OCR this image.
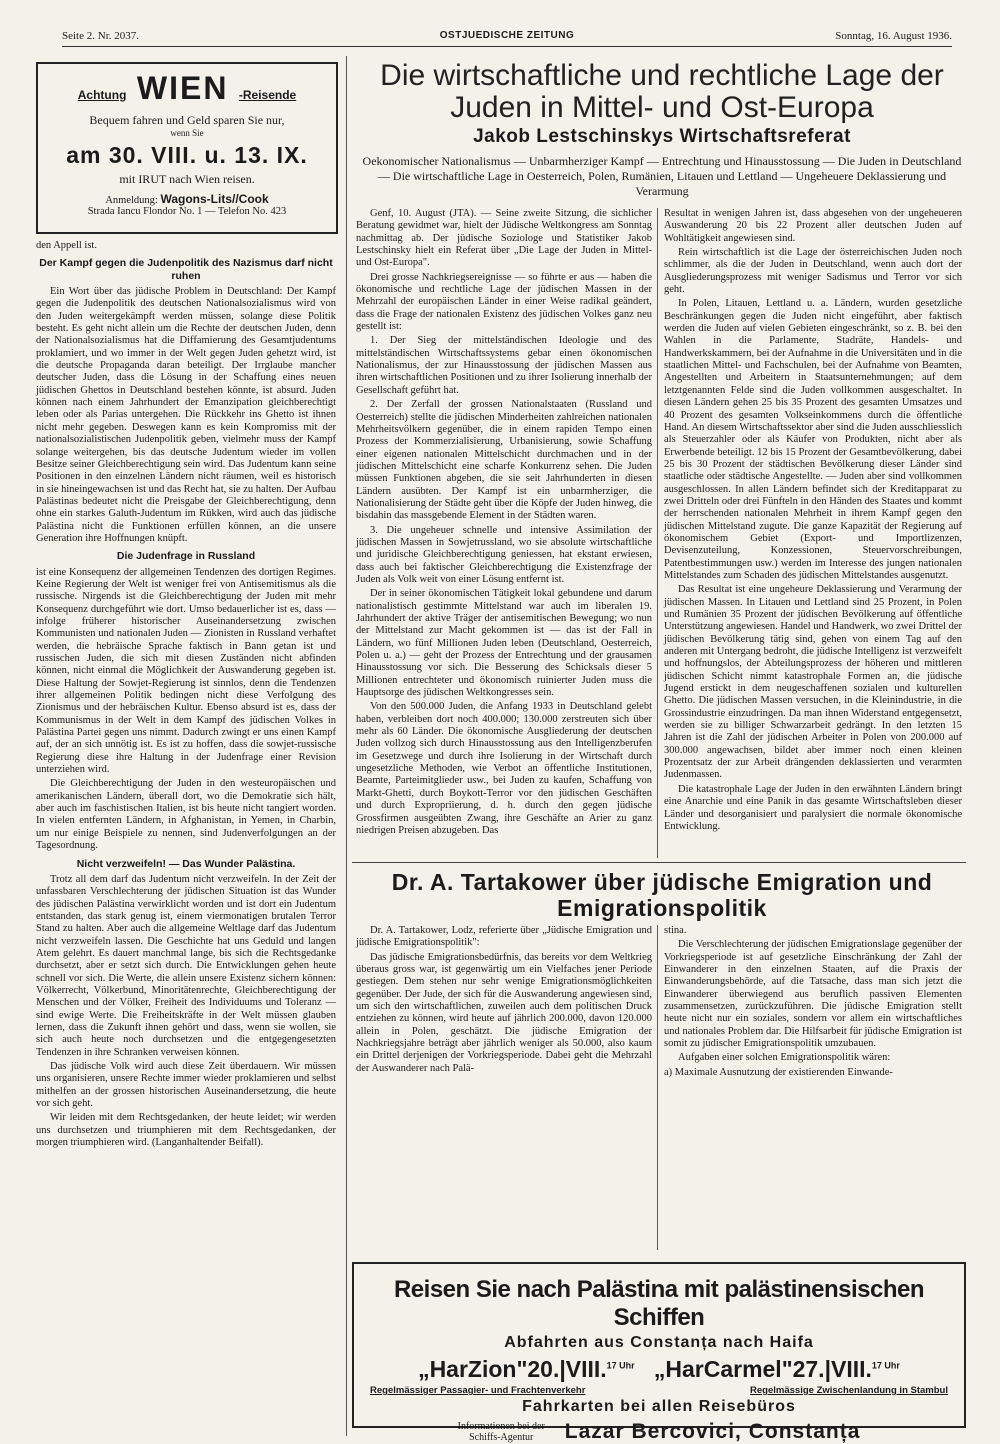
Seite 2. Nr. 2037.	OSTJUEDISCHE ZEITUNG	Sonntag, 16. August 1936.
Achtung WIEN -Reisende
Bequem fahren und Geld sparen Sie nur,
wenn Sie
am 30. VIII. u. 13. IX.
mit IRUT nach Wien reisen.
Anmeldung: Wagons-Lits//Cook
Strada Iancu Flondor No. 1 — Telefon No. 423

den Appell ist.

Der Kampf gegen die Judenpolitik des Nazismus darf nicht ruhen

Ein Wort über das jüdische Problem in Deutschland: Der Kampf gegen die Judenpolitik des deutschen Nationalsozialismus wird von den Juden weitergekämpft werden müssen, solange diese Politik besteht. Es geht nicht allein um die Rechte der deutschen Juden, denn der Nationalsozialismus hat die Diffamierung des Gesamtjudentums proklamiert, und wo immer in der Welt gegen Juden gehetzt wird, ist die deutsche Propaganda daran beteiligt. Der Irrglaube mancher deutscher Juden, dass die Lösung in der Schaffung eines neuen jüdischen Ghettos in Deutschland bestehen könnte, ist absurd. Juden können nach einem Jahrhundert der Emanzipation gleichberechtigt leben oder als Parias untergehen. Die Rückkehr ins Ghetto ist ihnen nicht mehr gegeben. Deswegen kann es kein Kompromiss mit der nationalsozialistischen Judenpolitik geben, vielmehr muss der Kampf solange weitergehen, bis das deutsche Judentum wieder im vollen Besitze seiner Gleichberechtigung sein wird. Das Judentum kann seine Positionen in den einzelnen Ländern nicht räumen, weil es historisch in sie hineingewachsen ist und das Recht hat, sie zu halten. Der Aufbau Palästinas bedeutet nicht die Preisgabe der Gleichberechtigung, denn ohne ein starkes Galuth-Judentum im Rükken, wird auch das jüdische Palästina nicht die Funktionen erfüllen können, an die unsere Generation ihre Hoffnungen knüpft.

Die Judenfrage in Russland

ist eine Konsequenz der allgemeinen Tendenzen des dortigen Regimes. Keine Regierung der Welt ist weniger frei von Antisemitismus als die russische. Nirgends ist die Gleichberechtigung der Juden mit mehr Konsequenz durchgeführt wie dort. Umso bedauerlicher ist es, dass — infolge früherer historischer Auseinandersetzung zwischen Kommunisten und nationalen Juden — Zionisten in Russland verhaftet werden, die hebräische Sprache faktisch in Bann getan ist und russischen Juden, die sich mit diesen Zuständen nicht abfinden können, nicht einmal die Möglichkeit der Auswanderung gegeben ist. Diese Haltung der Sowjet-Regierung ist sinnlos, denn die Tendenzen ihrer allgemeinen Politik bedingen nicht diese Verfolgung des Zionismus und der hebräischen Kultur. Ebenso absurd ist es, dass der Kommunismus in der Welt in dem Kampf des jüdischen Volkes in Palästina Partei gegen uns nimmt. Dadurch zwingt er uns einen Kampf auf, der an sich unnötig ist. Es ist zu hoffen, dass die sowjet-russische Regierung diese ihre Haltung in der Judenfrage einer Revision unterziehen wird.

Die Gleichberechtigung der Juden in den westeuropäischen und amerikanischen Ländern, überall dort, wo die Demokratie sich hält, aber auch im faschistischen Italien, ist bis heute nicht tangiert worden. In vielen entfernten Ländern, in Afghanistan, in Yemen, in Charbin, um nur einige Beispiele zu nennen, sind Judenverfolgungen an der Tagesordnung.

Nicht verzweifeln! — Das Wunder Palästina.

Trotz all dem darf das Judentum nicht verzweifeln. In der Zeit der unfassbaren Verschlechterung der jüdischen Situation ist das Wunder des jüdischen Palästina verwirklicht worden und ist dort ein Judentum entstanden, das stark genug ist, einem viermonatigen brutalen Terror Stand zu halten. Aber auch die allgemeine Weltlage darf das Judentum nicht verzweifeln lassen. Die Geschichte hat uns Geduld und langen Atem gelehrt. Es dauert manchmal lange, bis sich die Rechtsgedanke durchsetzt, aber er setzt sich durch. Die Entwicklungen gehen heute schnell vor sich. Die Werte, die allein unsere Existenz sichern können: Völkerrecht, Völkerbund, Minoritätenrechte, Gleichberechtigung der Menschen und der Völker, Freiheit des Individuums und Toleranz — sind ewige Werte. Die Freiheitskräfte in der Welt müssen glauben lernen, dass die Zukunft ihnen gehört und dass, wenn sie wollen, sie sich auch heute noch durchsetzen und die entgegengesetzten Tendenzen in ihre Schranken verweisen können.

Das jüdische Volk wird auch diese Zeit überdauern. Wir müssen uns organisieren, unsere Rechte immer wieder proklamieren und selbst mithelfen an der grossen historischen Auseinandersetzung, die heute vor sich geht.

Wir leiden mit dem Rechtsgedanken, der heute leidet; wir werden uns durchsetzen und triumphieren mit dem Rechtsgedanken, der morgen triumphieren wird. (Langanhaltender Beifall).

Die wirtschaftliche und rechtliche Lage der Juden in Mittel- und Ost-Europa
Jakob Lestschinskys Wirtschaftsreferat
Oekonomischer Nationalismus — Unbarmherziger Kampf — Entrechtung und Hinausstossung — Die Juden in Deutschland — Die wirtschaftliche Lage in Oesterreich, Polen, Rumänien, Litauen und Lettland — Ungeheuere Deklassierung und Verarmung

Genf, 10. August (JTA). — Seine zweite Sitzung, die sichlicher Beratung gewidmet war, hielt der Jüdische Weltkongress am Sonntag nachmittag ab. Der jüdische Soziologe und Statistiker Jakob Lestschinsky hielt ein Referat über „Die Lage der Juden in Mittel- und Ost-Europa".

Drei grosse Nachkriegsereignisse — so führte er aus — haben die ökonomische und rechtliche Lage der jüdischen Massen in der Mehrzahl der europäischen Länder in einer Weise radikal geändert, dass die Frage der nationalen Existenz des jüdischen Volkes ganz neu gestellt ist:

1. Der Sieg der mittelständischen Ideologie und des mittelständischen Wirtschaftssystems gebar einen ökonomischen Nationalismus, der zur Hinausstossung der jüdischen Massen aus ihren wirtschaftlichen Positionen und zu ihrer Isolierung innerhalb der Gesellschaft geführt hat.

2. Der Zerfall der grossen Nationalstaaten (Russland und Oesterreich) stellte die jüdischen Minderheiten zahlreichen nationalen Mehrheitsvölkern gegenüber, die in einem rapiden Tempo einen Prozess der Kommerzialisierung, Urbanisierung, sowie Schaffung einer eigenen nationalen Mittelschicht durchmachen und in der jüdischen Mittelschicht eine scharfe Konkurrenz sehen. Die Juden müssen Funktionen abgeben, die sie seit Jahrhunderten in diesen Ländern ausübten. Der Kampf ist ein unbarmherziger, die Nationalisierung der Städte geht über die Köpfe der Juden hinweg, die bisdahin das massgebende Element in der Städten waren.

3. Die ungeheuer schnelle und intensive Assimilation der jüdischen Massen in Sowjetrussland, wo sie absolute wirtschaftliche und juridische Gleichberechtigung geniessen, hat ekstant erwiesen, dass auch bei faktischer Gleichberechtigung die Existenzfrage der Juden als Volk weit von einer Lösung entfernt ist.

Der in seiner ökonomischen Tätigkeit lokal gebundene und darum nationalistisch gestimmte Mittelstand war auch im liberalen 19. Jahrhundert der aktive Träger der antisemitischen Bewegung; wo nun der Mittelstand zur Macht gekommen ist — das ist der Fall in Ländern, wo fünf Millionen Juden leben (Deutschland, Oesterreich, Polen u. a.) — geht der Prozess der Entrechtung und der grausamen Hinausstossung vor sich. Die Besserung des Schicksals dieser 5 Millionen entrechteter und ökonomisch ruinierter Juden muss die Hauptsorge des jüdischen Weltkongresses sein.

Von den 500.000 Juden, die Anfang 1933 in Deutschland gelebt haben, verbleiben dort noch 400.000; 130.000 zerstreuten sich über mehr als 60 Länder. Die ökonomische Ausgliederung der deutschen Juden vollzog sich durch Hinausstossung aus den Intelligenzberufen im Gesetzwege und durch ihre Isolierung in der Wirtschaft durch ungesetzliche Methoden, wie Verbot an öffentliche Institutionen, Beamte, Parteimitglieder usw., bei Juden zu kaufen, Schaffung von Markt-Ghetti, durch Boykott-Terror vor den jüdischen Geschäften und durch Expropriierung, d. h. durch den gegen jüdische Grossfirmen ausgeübten Zwang, ihre Geschäfte an Arier zu ganz niedrigen Preisen abzugeben. Das

Resultat in wenigen Jahren ist, dass abgesehen von der ungeheueren Auswanderung 20 bis 22 Prozent aller deutschen Juden auf Wohltätigkeit angewiesen sind.

Rein wirtschaftlich ist die Lage der österreichischen Juden noch schlimmer, als die der Juden in Deutschland, wenn auch dort der Ausgliederungsprozess mit weniger Sadismus und Terror vor sich geht.

In Polen, Litauen, Lettland u. a. Ländern, wurden gesetzliche Beschränkungen gegen die Juden nicht eingeführt, aber faktisch werden die Juden auf vielen Gebieten eingeschränkt, so z. B. bei den Wahlen in die Parlamente, Stadräte, Handels- und Handwerkskammern, bei der Aufnahme in die Universitäten und in die staatlichen Mittel- und Fachschulen, bei der Aufnahme von Beamten, Angestellten und Arbeitern in Staatsunternehmungen; auf dem letztgenannten Felde sind die Juden vollkommen ausgeschaltet. In diesen Ländern gehen 25 bis 35 Prozent des gesamten Umsatzes und 40 Prozent des gesamten Volkseinkommens durch die öffentliche Hand. An diesem Wirtschaftssektor aber sind die Juden ausschliesslich als Steuerzahler oder als Käufer von Produkten, nicht aber als Erwerbende beteiligt. 12 bis 15 Prozent der Gesamtbevölkerung, dabei 25 bis 30 Prozent der städtischen Bevölkerung dieser Länder sind staatliche oder städtische Angestellte. — Juden aber sind vollkommen ausgeschlossen. In allen Ländern befindet sich der Kreditapparat zu zwei Dritteln oder drei Fünfteln in den Händen des Staates und kommt der herrschenden nationalen Mehrheit in ihrem Kampf gegen den jüdischen Mittelstand zugute. Die ganze Kapazität der Regierung auf ökonomischem Gebiet (Export- und Importlizenzen, Devisenzuteilung, Konzessionen, Steuervorschreibungen, Patentbestimmungen usw.) werden im Interesse des jungen nationalen Mittelstandes zum Schaden des jüdischen Mittelstandes ausgenutzt.

Das Resultat ist eine ungeheure Deklassierung und Verarmung der jüdischen Massen. In Litauen und Lettland sind 25 Prozent, in Polen und Rumänien 35 Prozent der jüdischen Bevölkerung auf öffentliche Unterstützung angewiesen. Handel und Handwerk, wo zwei Drittel der jüdischen Bevölkerung tätig sind, gehen von einem Tag auf den anderen mit Untergang bedroht, die jüdische Intelligenz ist verzweifelt und hoffnungslos, der Abteilungsprozess der höheren und mittleren jüdischen Schicht nimmt katastrophale Formen an, die jüdische Jugend erstickt in dem neugeschaffenen sozialen und kulturellen Ghetto. Die jüdischen Massen versuchen, in die Kleinindustrie, in die Grossindustrie einzudringen. Da man ihnen Widerstand entgegensetzt, werden sie zu billiger Schwarzarbeit gedrängt. In den letzten 15 Jahren ist die Zahl der jüdischen Arbeiter in Polen von 200.000 auf 300.000 angewachsen, bildet aber immer noch einen kleinen Prozentsatz der zur Arbeit drängenden deklassierten und verarmten Judenmassen.

Die katastrophale Lage der Juden in den erwähnten Ländern bringt eine Anarchie und eine Panik in das gesamte Wirtschaftsleben dieser Länder und desorganisiert und paralysiert die normale ökonomische Entwicklung.

Dr. A. Tartakower über jüdische Emigration und Emigrationspolitik

Dr. A. Tartakower, Lodz, referierte über „Jüdische Emigration und jüdische Emigrationspolitik":

Das jüdische Emigrationsbedürfnis, das bereits vor dem Weltkrieg überaus gross war, ist gegenwärtig um ein Vielfaches jener Periode gestiegen. Dem stehen nur sehr wenige Emigrationsmöglichkeiten gegenüber. Der Jude, der sich für die Auswanderung angewiesen sind, um sich den wirtschaftlichen, zuweilen auch dem politischen Druck entziehen zu können, wird heute auf jährlich 200.000, davon 120.000 allein in Polen, geschätzt. Die jüdische Emigration der Nachkriegsjahre beträgt aber jährlich weniger als 50.000, also kaum ein Drittel derjenigen der Vorkriegsperiode. Dabei geht die Mehrzahl der Auswanderer nach Palä-

stina.

Die Verschlechterung der jüdischen Emigrationslage gegenüber der Vorkriegsperiode ist auf gesetzliche Einschränkung der Zahl der Einwanderer in den einzelnen Staaten, auf die Praxis der Einwanderungsbehörde, auf die Tatsache, dass man sich jetzt die Einwanderer überwiegend aus beruflich passiven Elementen zusammensetzen, zurückzuführen. Die jüdische Emigration stellt heute nicht nur ein soziales, sondern vor allem ein wirtschaftliches und nationales Problem dar. Die Hilfsarbeit für jüdische Emigration ist somit zu jüdischer Emigrationspolitik umzubauen.

Aufgaben einer solchen Emigrationspolitik wären:

a) Maximale Ausnutzung der existierenden Einwande-

Reisen Sie nach Palästina mit palästinensischen Schiffen
Abfahrten aus Constanța nach Haifa
„HarZion"20.|VIII.$^{17 Uhr}$ „HarCarmel"27.|VIII.$^{17 Uhr}$
Regelmässiger Passagier- und Frachtenverkehr	Regelmässige Zwischenlandung in Stambul
Fahrkarten bei allen Reisebüros
Informationen bei der
Schiffs-Agentur	Lazar Bercovici, Constanța
